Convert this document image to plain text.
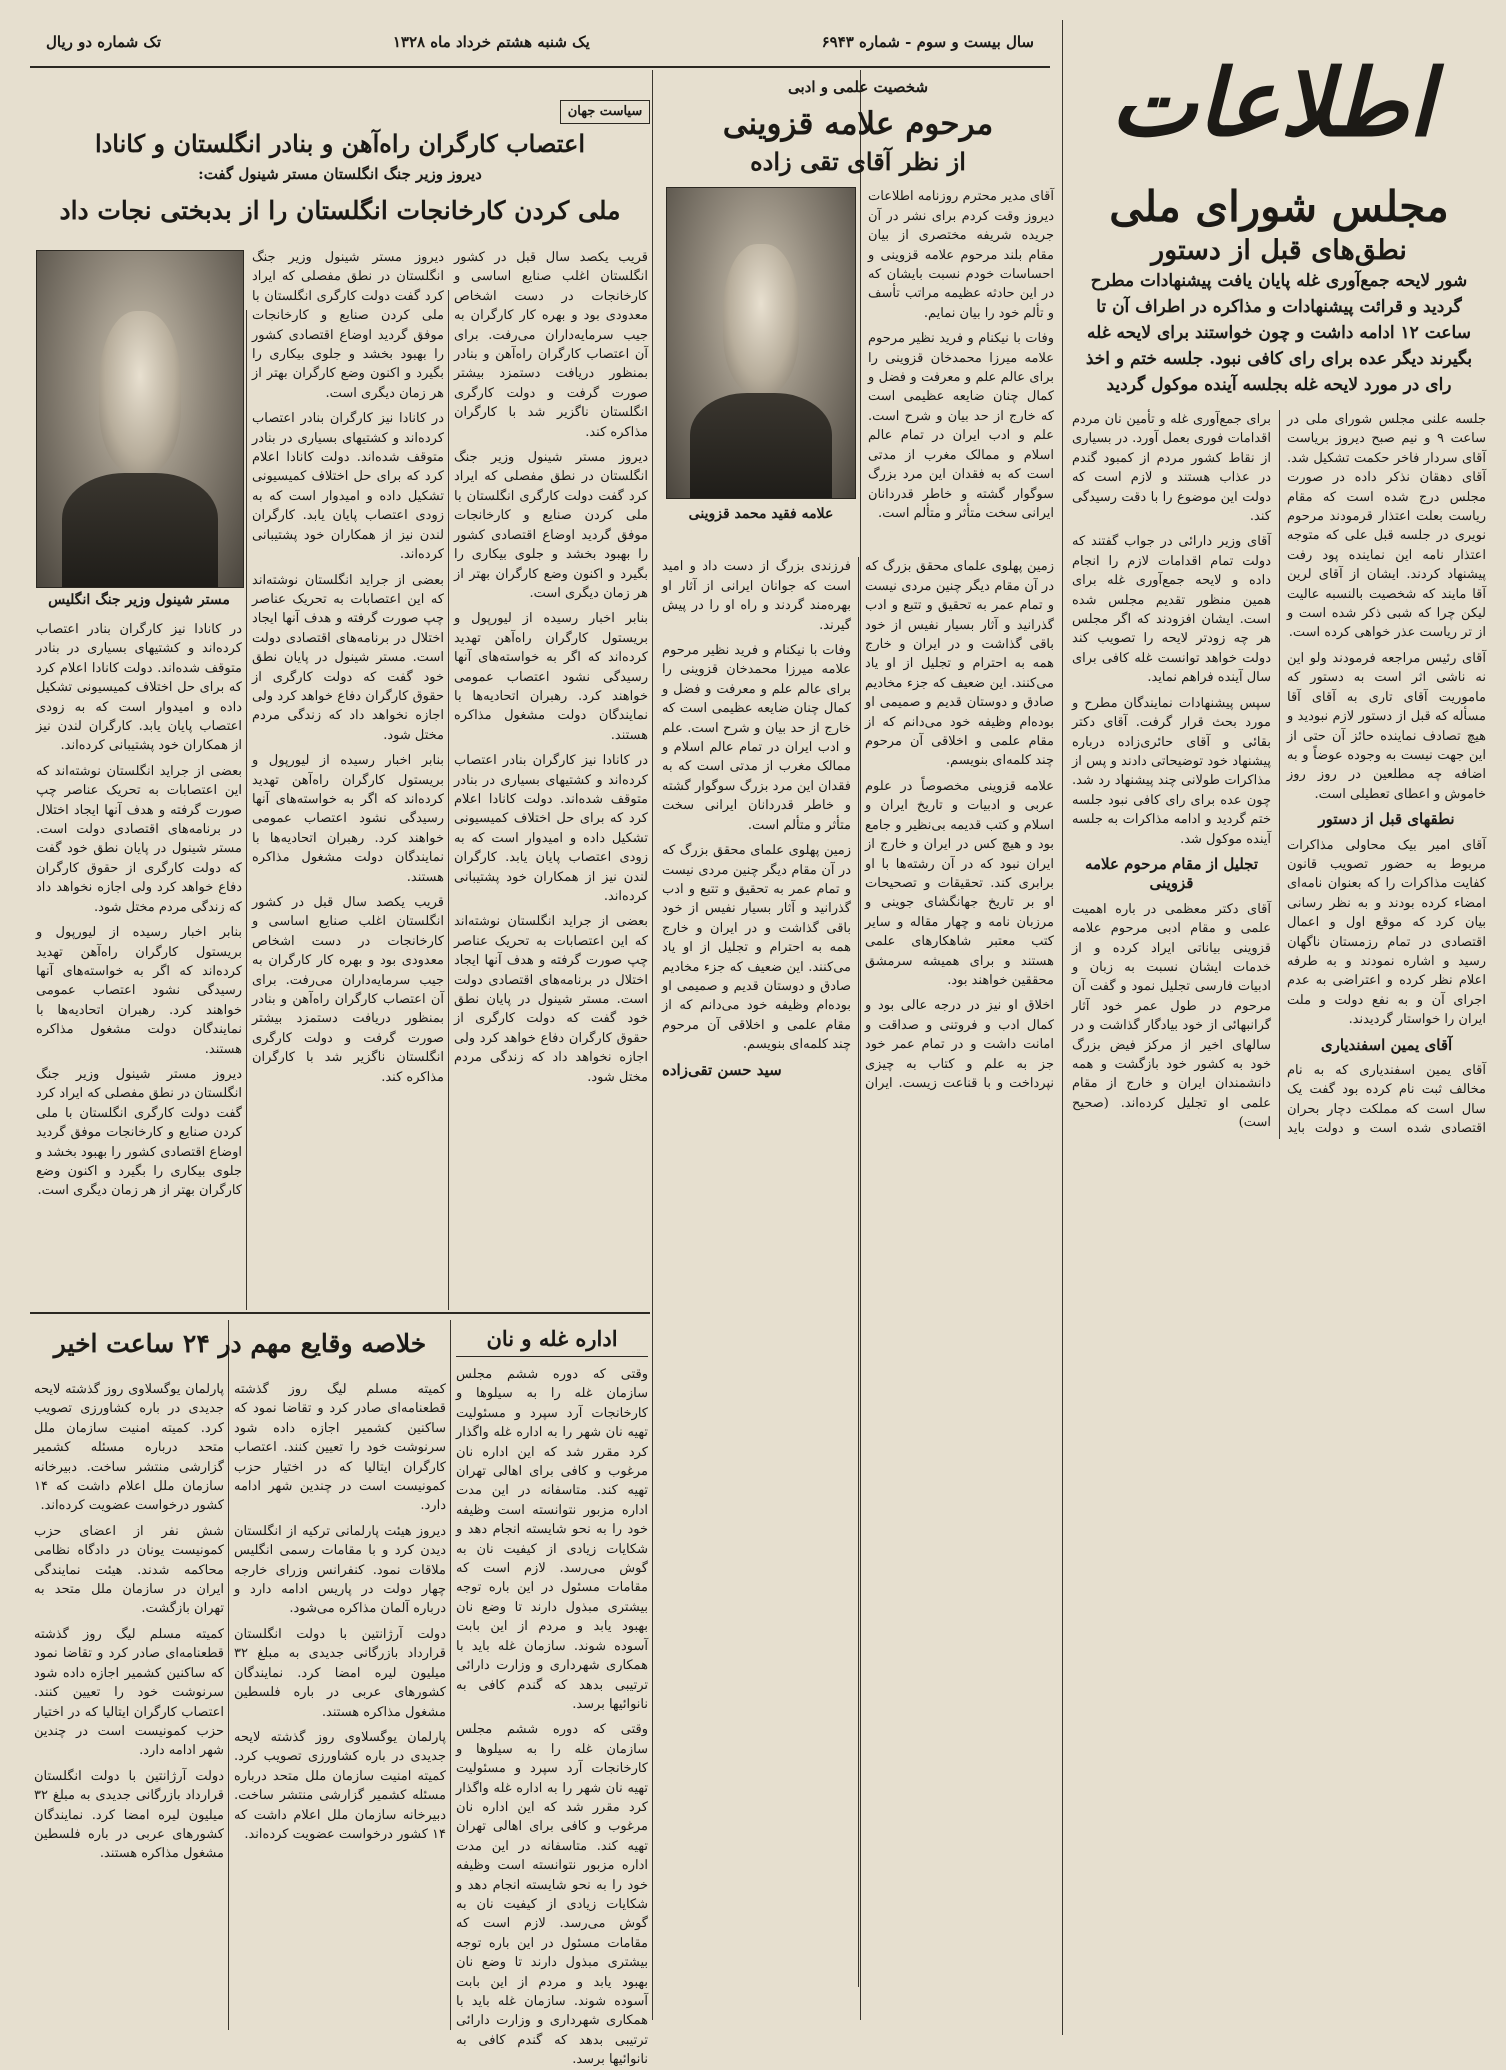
سال بیست و سوم - شماره ۶۹۴۳
یک شنبه هشتم خرداد ماه ۱۳۲۸
تک شماره دو ریال
اطلاعات
مجلس شورای ملی
نطق‌های قبل از دستور

شور لایحه جمع‌آوری غله پایان یافت پیشنهادات مطرح گردید و قرائت پیشنهادات و مذاکره در اطراف آن تا ساعت ۱۲ ادامه داشت و چون خواستند برای لایحه غله بگیرند دیگر عده برای رای کافی نبود. جلسه ختم و اخذ رای در مورد لایحه غله بجلسه آینده موکول گردید

جلسه علنی مجلس شورای ملی در ساعت ۹ و نیم صبح دیروز بریاست آقای سردار فاخر حکمت تشکیل شد. آقای دهقان نذکر داده در صورت مجلس درج شده است که مقام ریاست بعلت اعتذار قرمودند مرحوم نویری در جلسه قبل علی که متوجه اعتذار نامه این نماینده پود رفت پیشنهاد کردند. ایشان از آقای لرین آقا مایند که شخصیت بالنسبه عالیت لیکن چرا که شبی ذکر شده است و از تر ریاست عذر خواهی کرده است.

آقای رئیس مراجعه فرمودند ولو این نه ناشی اثر است به دستور که ماموریت آقای تاری به آقای آقا مسأله که قبل از دستور لازم نبودید و هیچ تصادف نماینده حائز آن حتی از این جهت نیست به وجوده عوضاً و به اضافه چه مطلعین در روز روز خاموش و اعطای تعطیلی است.

نطقهای قبل از دستور

آقای امیر بیک محاولی مذاکرات مربوط به حضور تصویب قانون کفایت مذاکرات را که بعنوان نامه‌ای امضاء کرده بودند و به نظر رسانی بیان کرد که موقع اول و اعمال اقتصادی در تمام رزمستان ناگهان رسید و اشاره نمودند و به طرفه اعلام نظر کرده و اعتراضی به عدم اجرای آن و به نفع دولت و ملت ایران را خواستار گردیدند.

آقای یمین اسفندیاری

آقای یمین اسفندیاری که به نام مخالف ثبت نام کرده بود گفت یک سال است که مملکت دچار بحران اقتصادی شده است و دولت باید برای جمع‌آوری غله و تأمین نان مردم اقدامات فوری بعمل آورد. در بسیاری از نقاط کشور مردم از کمبود گندم در عذاب هستند و لازم است که دولت این موضوع را با دقت رسیدگی کند.

آقای وزیر دارائی در جواب گفتند که دولت تمام اقدامات لازم را انجام داده و لایحه جمع‌آوری غله برای همین منظور تقدیم مجلس شده است. ایشان افزودند که اگر مجلس هر چه زودتر لایحه را تصویب کند دولت خواهد توانست غله کافی برای سال آینده فراهم نماید.

سپس پیشنهادات نمایندگان مطرح و مورد بحث قرار گرفت. آقای دکتر بقائی و آقای حائری‌زاده درباره پیشنهاد خود توضیحاتی دادند و پس از مذاکرات طولانی چند پیشنهاد رد شد. چون عده برای رای کافی نبود جلسه ختم گردید و ادامه مذاکرات به جلسه آینده موکول شد.

تجلیل از مقام مرحوم علامه قزوینی

آقای دکتر معظمی در باره اهمیت علمی و مقام ادبی مرحوم علامه قزوینی بیاناتی ایراد کرده و از خدمات ایشان نسبت به زبان و ادبیات فارسی تجلیل نمود و گفت آن مرحوم در طول عمر خود آثار گرانبهائی از خود بیادگار گذاشت و در سالهای اخیر از مرکز فیض بزرگ خود به کشور خود بازگشت و همه دانشمندان ایران و خارج از مقام علمی او تجلیل کرده‌اند. (صحیح است)

شخصیت علمی و ادبی

مرحوم علامه قزوینی
از نظر آقای تقی زاده
علامه فقید محمد قزوینی

آقای مدیر محترم روزنامه اطلاعات دیروز وقت کردم برای نشر در آن جریده شریفه مختصری از بیان مقام بلند مرحوم علامه قزوینی و احساسات خودم نسبت بایشان که در این حادثه عظیمه مراتب تأسف و تألم خود را بیان نمایم.

وفات با نیکنام و فرید نظیر مرحوم علامه میرزا محمدخان قزوینی را برای عالم علم و معرفت و فضل و کمال چنان ضایعه عظیمی است که خارج از حد بیان و شرح است. علم و ادب ایران در تمام عالم اسلام و ممالک مغرب از مدتی است که به فقدان این مرد بزرگ سوگوار گشته و خاطر قدردانان ایرانی سخت متأثر و متألم است.

زمین پهلوی علمای محقق بزرگ که در آن مقام دیگر چنین مردی نیست و تمام عمر به تحقیق و تتبع و ادب گذرانید و آثار بسیار نفیس از خود باقی گذاشت و در ایران و خارج همه به احترام و تجلیل از او یاد می‌کنند. این ضعیف که جزء مخادیم صادق و دوستان قدیم و صمیمی او بوده‌ام وظیفه خود می‌دانم که از مقام علمی و اخلاقی آن مرحوم چند کلمه‌ای بنویسم.

علامه قزوینی مخصوصاً در علوم عربی و ادبیات و تاریخ ایران و اسلام و کتب قدیمه بی‌نظیر و جامع بود و هیچ کس در ایران و خارج از ایران نبود که در آن رشته‌ها با او برابری کند. تحقیقات و تصحیحات او بر تاریخ جهانگشای جوینی و مرزبان نامه و چهار مقاله و سایر کتب معتبر شاهکارهای علمی هستند و برای همیشه سرمشق محققین خواهند بود.

اخلاق او نیز در درجه عالی بود و کمال ادب و فروتنی و صداقت و امانت داشت و در تمام عمر خود جز به علم و کتاب به چیزی نپرداخت و با قناعت زیست. ایران فرزندی بزرگ از دست داد و امید است که جوانان ایرانی از آثار او بهره‌مند گردند و راه او را در پیش گیرند.

وفات با نیکنام و فرید نظیر مرحوم علامه میرزا محمدخان قزوینی را برای عالم علم و معرفت و فضل و کمال چنان ضایعه عظیمی است که خارج از حد بیان و شرح است. علم و ادب ایران در تمام عالم اسلام و ممالک مغرب از مدتی است که به فقدان این مرد بزرگ سوگوار گشته و خاطر قدردانان ایرانی سخت متأثر و متألم است.

زمین پهلوی علمای محقق بزرگ که در آن مقام دیگر چنین مردی نیست و تمام عمر به تحقیق و تتبع و ادب گذرانید و آثار بسیار نفیس از خود باقی گذاشت و در ایران و خارج همه به احترام و تجلیل از او یاد می‌کنند. این ضعیف که جزء مخادیم صادق و دوستان قدیم و صمیمی او بوده‌ام وظیفه خود می‌دانم که از مقام علمی و اخلاقی آن مرحوم چند کلمه‌ای بنویسم.

سید حسن تقی‌زاده

سیاست جهان
اعتصاب کارگران راه‌آهن و بنادر انگلستان و کانادا

دیروز وزیر جنگ انگلستان مستر شینول گفت:

ملی کردن کارخانجات انگلستان را از بدبختی نجات داد
مستر شینول وزیر جنگ انگلیس

در کانادا نیز کارگران بنادر اعتصاب کرده‌اند و کشتیهای بسیاری در بنادر متوقف شده‌اند. دولت کانادا اعلام کرد که برای حل اختلاف کمیسیونی تشکیل داده و امیدوار است که به زودی اعتصاب پایان یابد. کارگران لندن نیز از همکاران خود پشتیبانی کرده‌اند.

بعضی از جراید انگلستان نوشته‌اند که این اعتصابات به تحریک عناصر چپ صورت گرفته و هدف آنها ایجاد اختلال در برنامه‌های اقتصادی دولت است. مستر شینول در پایان نطق خود گفت که دولت کارگری از حقوق کارگران دفاع خواهد کرد ولی اجازه نخواهد داد که زندگی مردم مختل شود.

بنابر اخبار رسیده از لیورپول و بریستول کارگران راه‌آهن تهدید کرده‌اند که اگر به خواسته‌های آنها رسیدگی نشود اعتصاب عمومی خواهند کرد. رهبران اتحادیه‌ها با نمایندگان دولت مشغول مذاکره هستند.

دیروز مستر شینول وزیر جنگ انگلستان در نطق مفصلی که ایراد کرد گفت دولت کارگری انگلستان با ملی کردن صنایع و کارخانجات موفق گردید اوضاع اقتصادی کشور را بهبود بخشد و جلوی بیکاری را بگیرد و اکنون وضع کارگران بهتر از هر زمان دیگری است.

دیروز مستر شینول وزیر جنگ انگلستان در نطق مفصلی که ایراد کرد گفت دولت کارگری انگلستان با ملی کردن صنایع و کارخانجات موفق گردید اوضاع اقتصادی کشور را بهبود بخشد و جلوی بیکاری را بگیرد و اکنون وضع کارگران بهتر از هر زمان دیگری است.

در کانادا نیز کارگران بنادر اعتصاب کرده‌اند و کشتیهای بسیاری در بنادر متوقف شده‌اند. دولت کانادا اعلام کرد که برای حل اختلاف کمیسیونی تشکیل داده و امیدوار است که به زودی اعتصاب پایان یابد. کارگران لندن نیز از همکاران خود پشتیبانی کرده‌اند.

بعضی از جراید انگلستان نوشته‌اند که این اعتصابات به تحریک عناصر چپ صورت گرفته و هدف آنها ایجاد اختلال در برنامه‌های اقتصادی دولت است. مستر شینول در پایان نطق خود گفت که دولت کارگری از حقوق کارگران دفاع خواهد کرد ولی اجازه نخواهد داد که زندگی مردم مختل شود.

بنابر اخبار رسیده از لیورپول و بریستول کارگران راه‌آهن تهدید کرده‌اند که اگر به خواسته‌های آنها رسیدگی نشود اعتصاب عمومی خواهند کرد. رهبران اتحادیه‌ها با نمایندگان دولت مشغول مذاکره هستند.

قریب یکصد سال قبل در کشور انگلستان اغلب صنایع اساسی و کارخانجات در دست اشخاص معدودی بود و بهره کار کارگران به جیب سرمایه‌داران می‌رفت. برای آن اعتصاب کارگران راه‌آهن و بنادر بمنظور دریافت دستمزد بیشتر صورت گرفت و دولت کارگری انگلستان ناگزیر شد با کارگران مذاکره کند.

قریب یکصد سال قبل در کشور انگلستان اغلب صنایع اساسی و کارخانجات در دست اشخاص معدودی بود و بهره کار کارگران به جیب سرمایه‌داران می‌رفت. برای آن اعتصاب کارگران راه‌آهن و بنادر بمنظور دریافت دستمزد بیشتر صورت گرفت و دولت کارگری انگلستان ناگزیر شد با کارگران مذاکره کند.

دیروز مستر شینول وزیر جنگ انگلستان در نطق مفصلی که ایراد کرد گفت دولت کارگری انگلستان با ملی کردن صنایع و کارخانجات موفق گردید اوضاع اقتصادی کشور را بهبود بخشد و جلوی بیکاری را بگیرد و اکنون وضع کارگران بهتر از هر زمان دیگری است.

بنابر اخبار رسیده از لیورپول و بریستول کارگران راه‌آهن تهدید کرده‌اند که اگر به خواسته‌های آنها رسیدگی نشود اعتصاب عمومی خواهند کرد. رهبران اتحادیه‌ها با نمایندگان دولت مشغول مذاکره هستند.

در کانادا نیز کارگران بنادر اعتصاب کرده‌اند و کشتیهای بسیاری در بنادر متوقف شده‌اند. دولت کانادا اعلام کرد که برای حل اختلاف کمیسیونی تشکیل داده و امیدوار است که به زودی اعتصاب پایان یابد. کارگران لندن نیز از همکاران خود پشتیبانی کرده‌اند.

بعضی از جراید انگلستان نوشته‌اند که این اعتصابات به تحریک عناصر چپ صورت گرفته و هدف آنها ایجاد اختلال در برنامه‌های اقتصادی دولت است. مستر شینول در پایان نطق خود گفت که دولت کارگری از حقوق کارگران دفاع خواهد کرد ولی اجازه نخواهد داد که زندگی مردم مختل شود.

اداره غله و نان

وقتی که دوره ششم مجلس سازمان غله را به سیلوها و کارخانجات آرد سپرد و مسئولیت تهیه نان شهر را به اداره غله واگذار کرد مقرر شد که این اداره نان مرغوب و کافی برای اهالی تهران تهیه کند. متاسفانه در این مدت اداره مزبور نتوانسته است وظیفه خود را به نحو شایسته انجام دهد و شکایات زیادی از کیفیت نان به گوش می‌رسد. لازم است که مقامات مسئول در این باره توجه بیشتری مبذول دارند تا وضع نان بهبود یابد و مردم از این بابت آسوده شوند. سازمان غله باید با همکاری شهرداری و وزارت دارائی ترتیبی بدهد که گندم کافی به نانوائیها برسد.

وقتی که دوره ششم مجلس سازمان غله را به سیلوها و کارخانجات آرد سپرد و مسئولیت تهیه نان شهر را به اداره غله واگذار کرد مقرر شد که این اداره نان مرغوب و کافی برای اهالی تهران تهیه کند. متاسفانه در این مدت اداره مزبور نتوانسته است وظیفه خود را به نحو شایسته انجام دهد و شکایات زیادی از کیفیت نان به گوش می‌رسد. لازم است که مقامات مسئول در این باره توجه بیشتری مبذول دارند تا وضع نان بهبود یابد و مردم از این بابت آسوده شوند. سازمان غله باید با همکاری شهرداری و وزارت دارائی ترتیبی بدهد که گندم کافی به نانوائیها برسد.

خلاصه وقایع مهم در ۲۴ ساعت اخیر

کمیته مسلم لیگ روز گذشته قطعنامه‌ای صادر کرد و تقاضا نمود که ساکنین کشمیر اجازه داده شود سرنوشت خود را تعیین کنند. اعتصاب کارگران ایتالیا که در اختیار حزب کمونیست است در چندین شهر ادامه دارد.

دیروز هیئت پارلمانی ترکیه از انگلستان دیدن کرد و با مقامات رسمی انگلیس ملاقات نمود. کنفرانس وزرای خارجه چهار دولت در پاریس ادامه دارد و درباره آلمان مذاکره می‌شود.

دولت آرژانتین با دولت انگلستان قرارداد بازرگانی جدیدی به مبلغ ۳۲ میلیون لیره امضا کرد. نمایندگان کشورهای عربی در باره فلسطین مشغول مذاکره هستند.

پارلمان یوگسلاوی روز گذشته لایحه جدیدی در باره کشاورزی تصویب کرد. کمیته امنیت سازمان ملل متحد درباره مسئله کشمیر گزارشی منتشر ساخت. دبیرخانه سازمان ملل اعلام داشت که ۱۴ کشور درخواست عضویت کرده‌اند.

پارلمان یوگسلاوی روز گذشته لایحه جدیدی در باره کشاورزی تصویب کرد. کمیته امنیت سازمان ملل متحد درباره مسئله کشمیر گزارشی منتشر ساخت. دبیرخانه سازمان ملل اعلام داشت که ۱۴ کشور درخواست عضویت کرده‌اند.

شش نفر از اعضای حزب کمونیست یونان در دادگاه نظامی محاکمه شدند. هیئت نمایندگی ایران در سازمان ملل متحد به تهران بازگشت.

کمیته مسلم لیگ روز گذشته قطعنامه‌ای صادر کرد و تقاضا نمود که ساکنین کشمیر اجازه داده شود سرنوشت خود را تعیین کنند. اعتصاب کارگران ایتالیا که در اختیار حزب کمونیست است در چندین شهر ادامه دارد.

دولت آرژانتین با دولت انگلستان قرارداد بازرگانی جدیدی به مبلغ ۳۲ میلیون لیره امضا کرد. نمایندگان کشورهای عربی در باره فلسطین مشغول مذاکره هستند.
